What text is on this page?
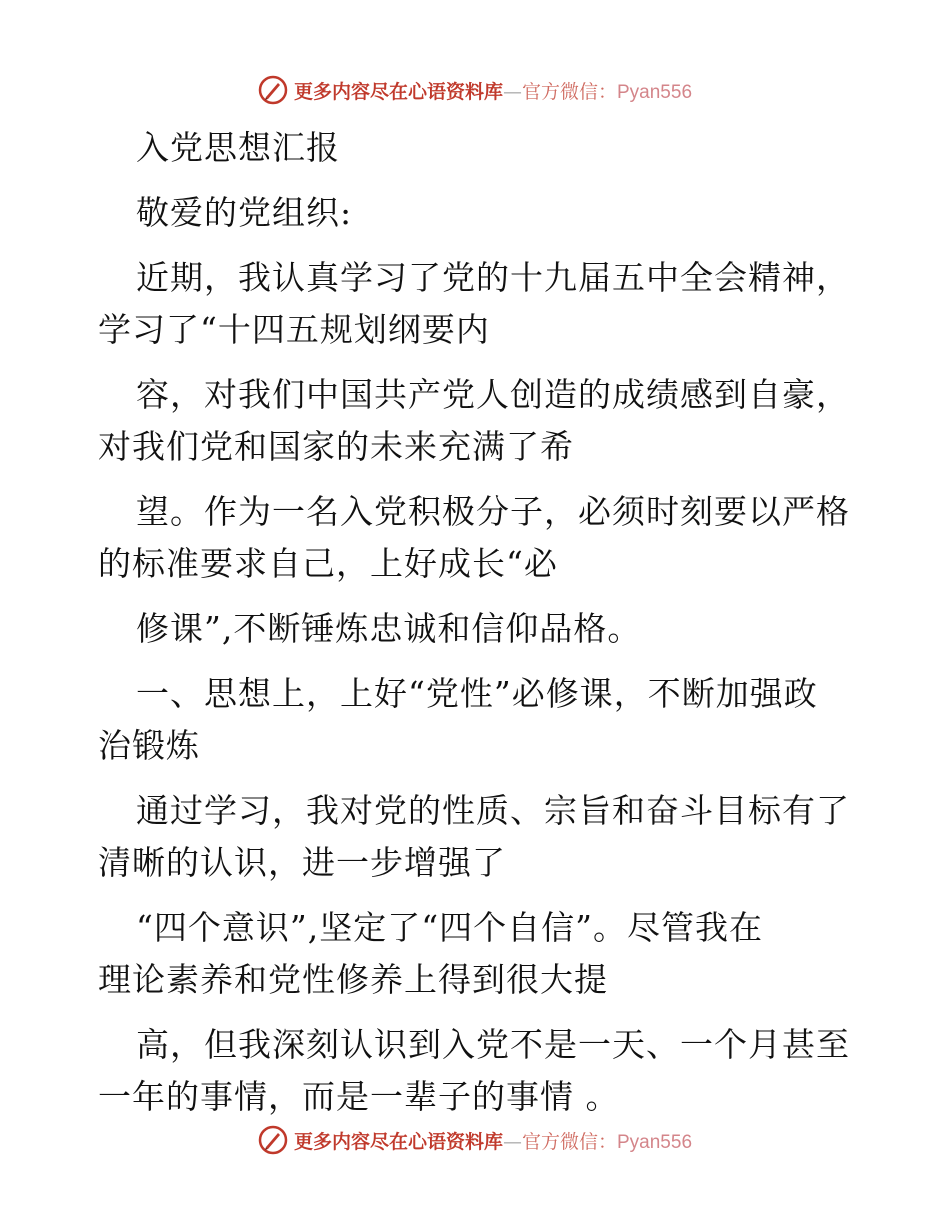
更多内容尽在心语资料库—官方微信：Pyan556
入党思想汇报
敬爱的党组织:
近期，我认真学习了党的十九届五中全会精神，
学习了“十四五规划纲要内
容，对我们中国共产党人创造的成绩感到自豪，
对我们党和国家的未来充满了希
望。作为一名入党积极分子，必须时刻要以严格
的标准要求自己，上好成长“必
修课”,不断锤炼忠诚和信仰品格。
一、思想上，上好“党性”必修课，不断加强政
治锻炼
通过学习，我对党的性质、宗旨和奋斗目标有了
清晰的认识，进一步增强了
“四个意识”,坚定了“四个自信”。尽管我在
理论素养和党性修养上得到很大提
高，但我深刻认识到入党不是一天、一个月甚至
一年的事情，而是一辈子的事情 。
更多内容尽在心语资料库—官方微信：Pyan556
